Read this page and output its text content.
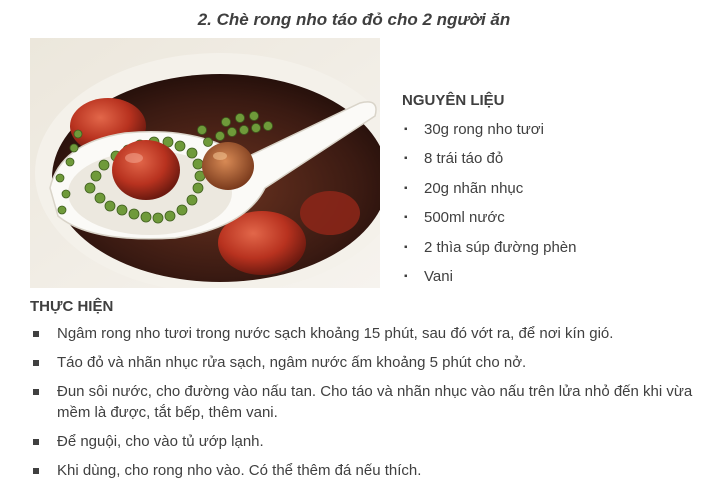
2. Chè rong nho táo đỏ cho 2 người ăn
NGUYÊN LIỆU
▪ 30g rong nho tươi
▪ 8 trái táo đỏ
▪ 20g nhãn nhục
▪ 500ml nước
▪ 2 thìa súp đường phèn
▪ Vani
THỰC HIỆN
Ngâm rong nho tươi trong nước sạch khoảng 15 phút, sau đó vớt ra, để nơi kín gió.
Táo đỏ và nhãn nhục rửa sạch, ngâm nước ấm khoảng 5 phút cho nở.
Đun sôi nước, cho đường vào nấu tan. Cho táo và nhãn nhục vào nấu trên lửa nhỏ đến khi vừa mềm là được, tắt bếp, thêm vani.
Để nguội, cho vào tủ ướp lạnh.
Khi dùng, cho rong nho vào. Có thể thêm đá nếu thích.
